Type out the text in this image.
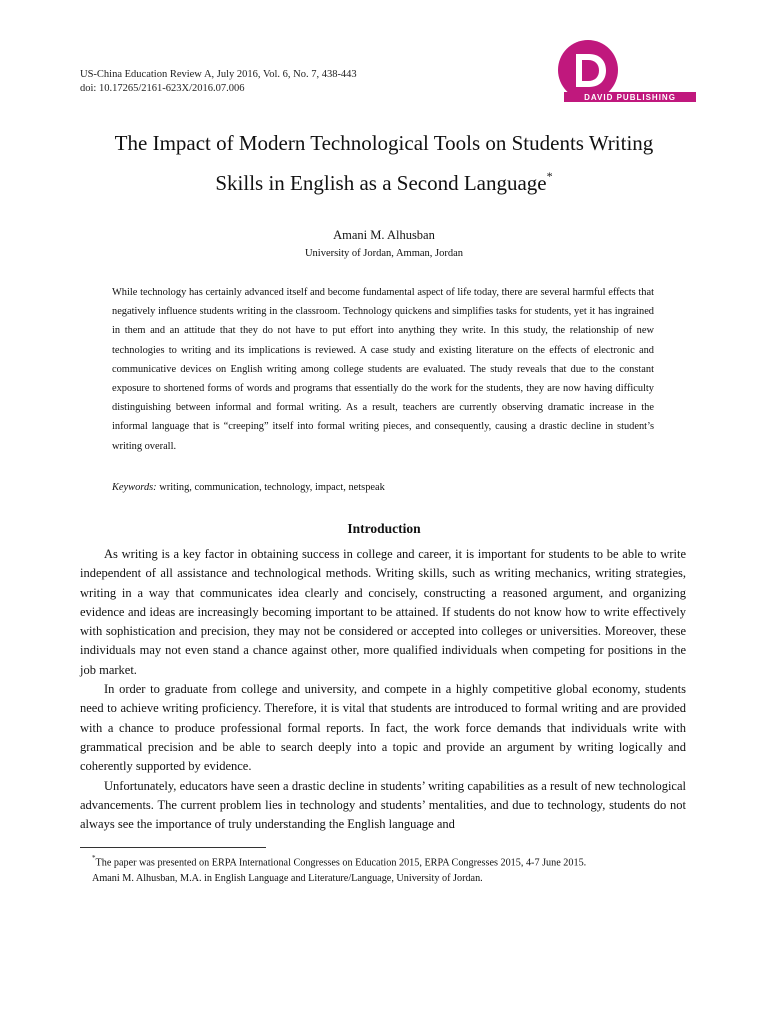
US-China Education Review A, July 2016, Vol. 6, No. 7, 438-443
doi: 10.17265/2161-623X/2016.07.006
DAVID PUBLISHING
The Impact of Modern Technological Tools on Students Writing
Skills in English as a Second Language*
Amani M. Alhusban
University of Jordan, Amman, Jordan

While technology has certainly advanced itself and become fundamental aspect of life today, there are several harmful effects that negatively influence students writing in the classroom. Technology quickens and simplifies tasks for students, yet it has ingrained in them and an attitude that they do not have to put effort into anything they write. In this study, the relationship of new technologies to writing and its implications is reviewed. A case study and existing literature on the effects of electronic and communicative devices on English writing among college students are evaluated. The study reveals that due to the constant exposure to shortened forms of words and programs that essentially do the work for the students, they are now having difficulty distinguishing between informal and formal writing. As a result, teachers are currently observing dramatic increase in the informal language that is “creeping” itself into formal writing pieces, and consequently, causing a drastic decline in student’s writing overall.

Keywords: writing, communication, technology, impact, netspeak
Introduction

As writing is a key factor in obtaining success in college and career, it is important for students to be able to write independent of all assistance and technological methods. Writing skills, such as writing mechanics, writing strategies, writing in a way that communicates idea clearly and concisely, constructing a reasoned argument, and organizing evidence and ideas are increasingly becoming important to be attained. If students do not know how to write effectively with sophistication and precision, they may not be considered or accepted into colleges or universities. Moreover, these individuals may not even stand a chance against other, more qualified individuals when competing for positions in the job market.

In order to graduate from college and university, and compete in a highly competitive global economy, students need to achieve writing proficiency. Therefore, it is vital that students are introduced to formal writing and are provided with a chance to produce professional formal reports. In fact, the work force demands that individuals write with grammatical precision and be able to search deeply into a topic and provide an argument by writing logically and coherently supported by evidence.

Unfortunately, educators have seen a drastic decline in students’ writing capabilities as a result of new technological advancements. The current problem lies in technology and students’ mentalities, and due to technology, students do not always see the importance of truly understanding the English language and

*The paper was presented on ERPA International Congresses on Education 2015, ERPA Congresses 2015, 4-7 June 2015.
Amani M. Alhusban, M.A. in English Language and Literature/Language, University of Jordan.
